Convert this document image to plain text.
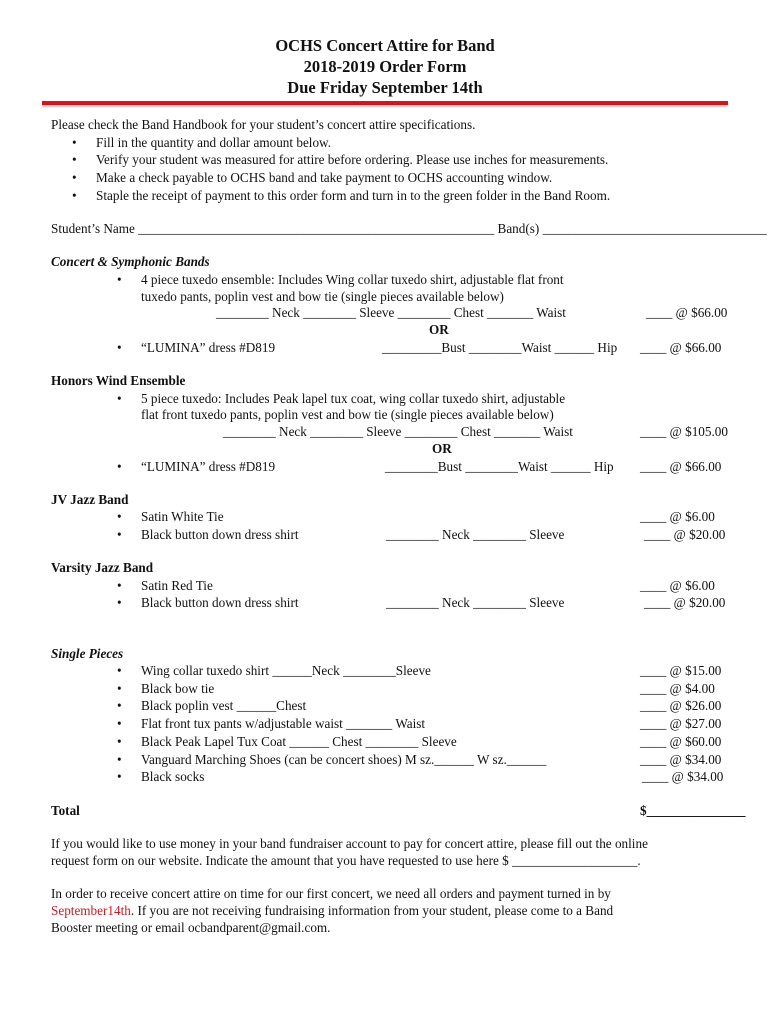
OCHS Concert Attire for Band
2018-2019 Order Form
Due Friday September 14th
Please check the Band Handbook for your student’s concert attire specifications.
• Fill in the quantity and dollar amount below.
• Verify your student was measured for attire before ordering. Please use inches for measurements.
• Make a check payable to OCHS band and take payment to OCHS accounting window.
• Staple the receipt of payment to this order form and turn in to the green folder in the Band Room.
Student’s Name ______________________________________________________ Band(s) __________________________________
Concert & Symphonic Bands
• 4 piece tuxedo ensemble: Includes Wing collar tuxedo shirt, adjustable flat front
tuxedo pants, poplin vest and bow tie (single pieces available below)
________ Neck ________ Sleeve ________ Chest _______ Waist	____ @ $66.00
OR
• “LUMINA” dress #D819	_________Bust ________Waist ______ Hip ____ @ $66.00
Honors Wind Ensemble
• 5 piece tuxedo: Includes Peak lapel tux coat, wing collar tuxedo shirt, adjustable
flat front tuxedo pants, poplin vest and bow tie (single pieces available below)
________ Neck ________ Sleeve ________ Chest _______ Waist	____ @ $105.00
OR
• “LUMINA” dress #D819	________Bust ________Waist ______ Hip ____ @ $66.00
JV Jazz Band
• Satin White Tie	____ @ $6.00
• Black button down dress shirt	________ Neck ________ Sleeve	____ @ $20.00
Varsity Jazz Band
• Satin Red Tie	____ @ $6.00
• Black button down dress shirt	________ Neck ________ Sleeve	____ @ $20.00
Single Pieces
• Wing collar tuxedo shirt ______Neck ________Sleeve	____ @ $15.00
• Black bow tie	____ @ $4.00
• Black poplin vest ______Chest	____ @ $26.00
• Flat front tux pants w/adjustable waist _______ Waist	____ @ $27.00
• Black Peak Lapel Tux Coat ______ Chest ________ Sleeve	____ @ $60.00
• Vanguard Marching Shoes (can be concert shoes) M sz.______ W sz.______	____ @ $34.00
• Black socks	____ @ $34.00
Total	$_______________
If you would like to use money in your band fundraiser account to pay for concert attire, please fill out the online
request form on our website. Indicate the amount that you have requested to use here $ ___________________.
In order to receive concert attire on time for our first concert, we need all orders and payment turned in by
September14th. If you are not receiving fundraising information from your student, please come to a Band
Booster meeting or email ocbandparent@gmail.com.
